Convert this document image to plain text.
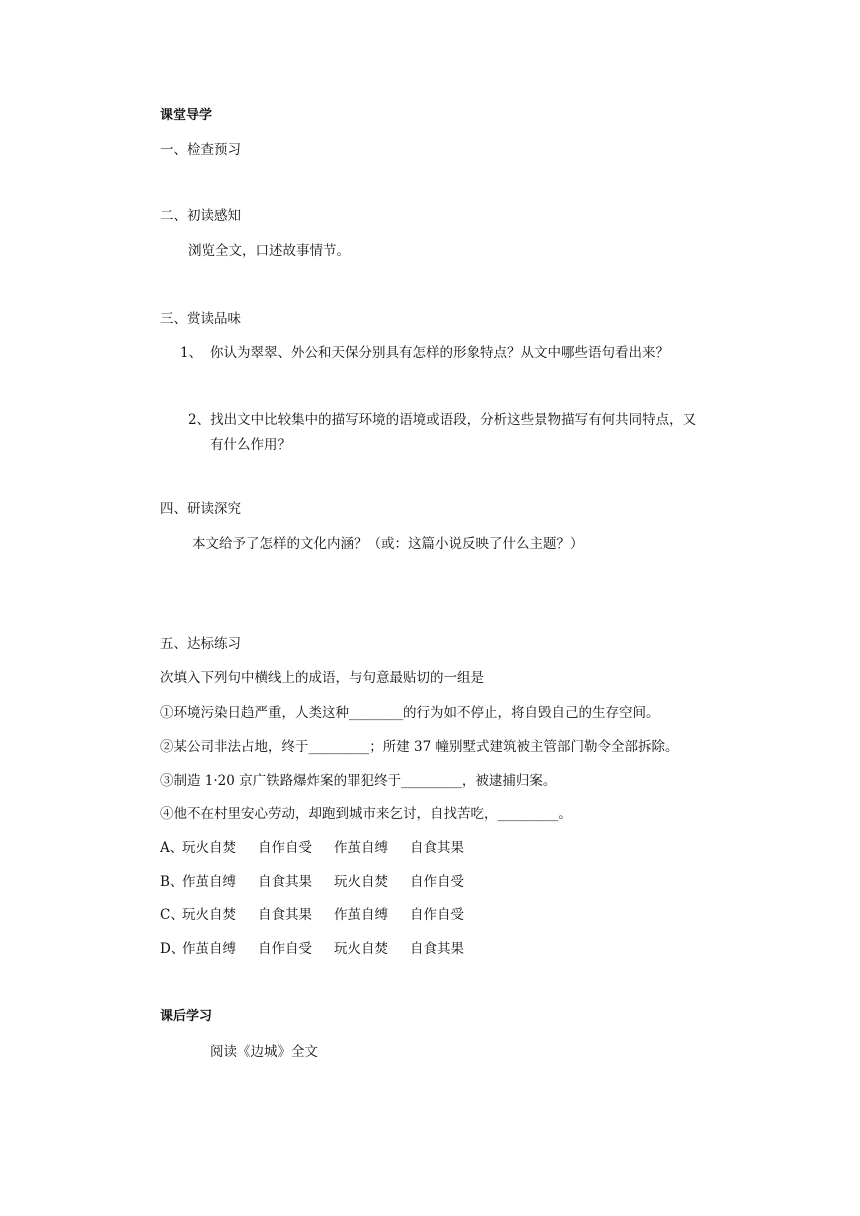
课堂导学
一、检查预习
二、初读感知
浏览全文，口述故事情节。
三、赏读品味
1、 你认为翠翠、外公和天保分别具有怎样的形象特点？从文中哪些语句看出来？
2、找出文中比较集中的描写环境的语境或语段，分析这些景物描写有何共同特点，又
有什么作用？
四、研读深究
本文给予了怎样的文化内涵？（或：这篇小说反映了什么主题？）
五、达标练习
次填入下列句中横线上的成语，与句意最贴切的一组是
①环境污染日趋严重，人类这种________的行为如不停止，将自毁自己的生存空间。
②某公司非法占地，终于_________；所建 37 幢别墅式建筑被主管部门勒令全部拆除。
③制造 1·20 京广铁路爆炸案的罪犯终于_________，被逮捕归案。
④他不在村里安心劳动，却跑到城市来乞讨，自找苦吃，_________。
A、玩火自焚 自作自受 作茧自缚 自食其果
B、作茧自缚 自食其果 玩火自焚 自作自受
C、玩火自焚 自食其果 作茧自缚 自作自受
D、作茧自缚 自作自受 玩火自焚 自食其果
课后学习
阅读《边城》全文
